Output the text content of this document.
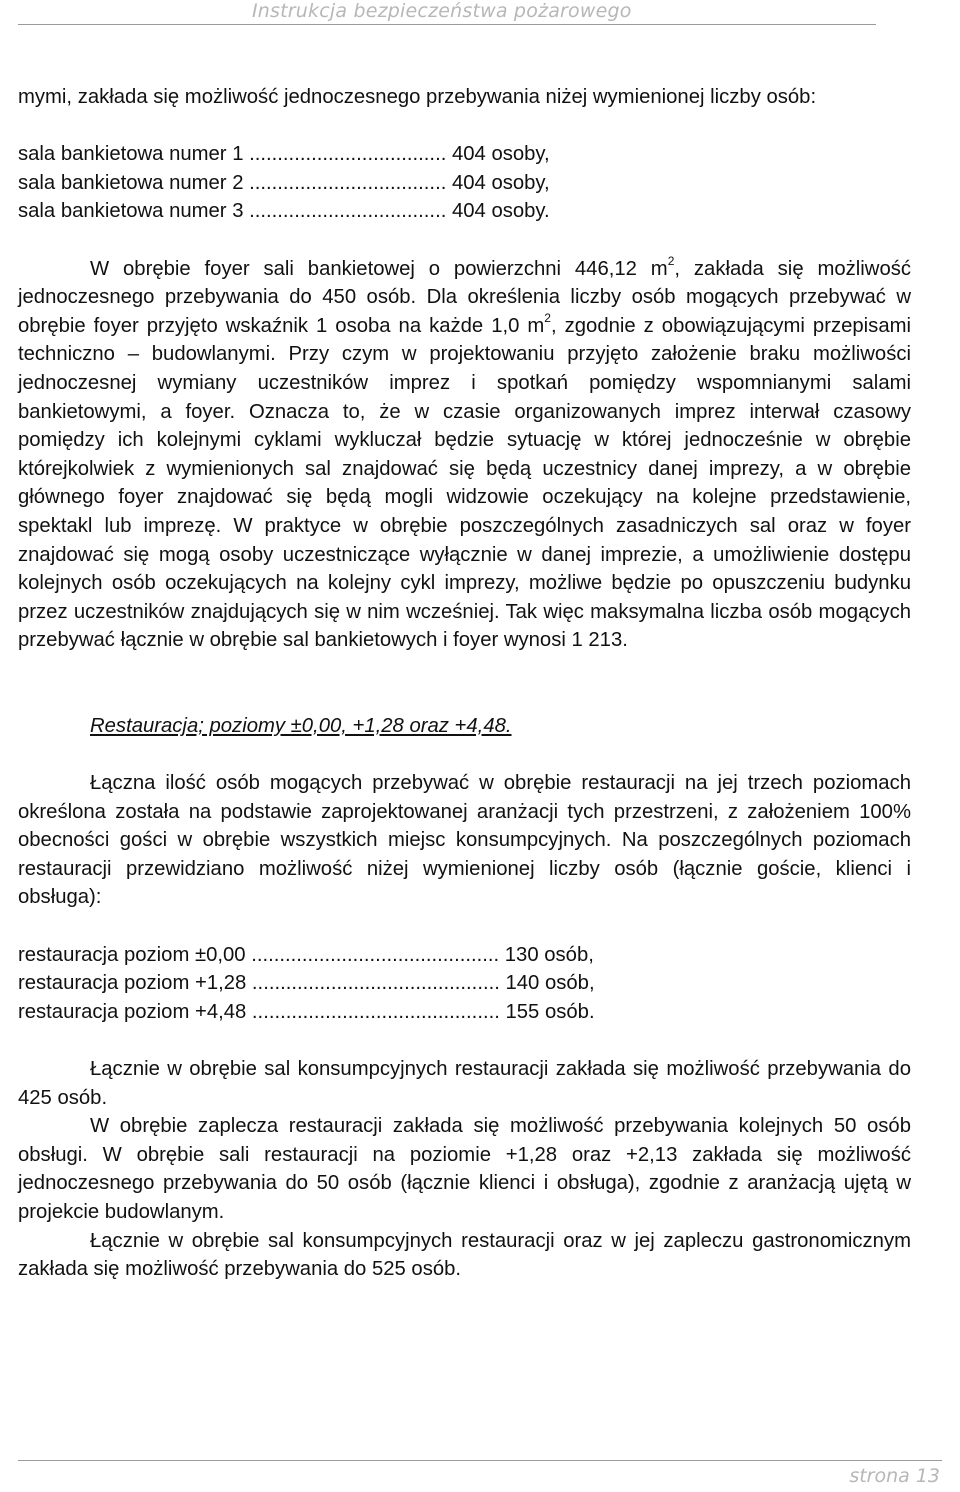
Instrukcja bezpieczeństwa pożarowego

mymi, zakłada się możliwość jednoczesnego przebywania niżej wymienionej liczby osób:

sala bankietowa numer 1 ................................... 404 osoby,
sala bankietowa numer 2 ................................... 404 osoby,
sala bankietowa numer 3 ................................... 404 osoby.

W obrębie foyer sali bankietowej o powierzchni 446,12 $m^2$, zakłada się możliwość jednoczesnego przebywania do 450 osób. Dla określenia liczby osób mogących przebywać w obrębie foyer przyjęto wskaźnik 1 osoba na każde 1,0 $m^2$, zgodnie z obowiązującymi przepisami techniczno – budowlanymi. Przy czym w projektowaniu przyjęto założenie braku możliwości jednoczesnej wymiany uczestników imprez i spotkań pomiędzy wspomnianymi salami bankietowymi, a foyer. Oznacza to, że w czasie organizowanych imprez interwał czasowy pomiędzy ich kolejnymi cyklami wykluczał będzie sytuację w której jednocześnie w obrębie którejkolwiek z wymienionych sal znajdować się będą uczestnicy danej imprezy, a w obrębie głównego foyer znajdować się będą mogli widzowie oczekujący na kolejne przedstawienie, spektakl lub imprezę. W praktyce w obrębie poszczególnych zasadniczych sal oraz w foyer znajdować się mogą osoby uczestniczące wyłącznie w danej imprezie, a umożliwienie dostępu kolejnych osób oczekujących na kolejny cykl imprezy, możliwe będzie po opuszczeniu budynku przez uczestników znajdujących się w nim wcześniej. Tak więc maksymalna liczba osób mogących przebywać łącznie w obrębie sal bankietowych i foyer wynosi 1 213.

Restauracja; poziomy ±0,00, +1,28 oraz +4,48.

Łączna ilość osób mogących przebywać w obrębie restauracji na jej trzech poziomach określona została na podstawie zaprojektowanej aranżacji tych przestrzeni, z założeniem 100% obecności gości w obrębie wszystkich miejsc konsumpcyjnych. Na poszczególnych poziomach restauracji przewidziano możliwość niżej wymienionej liczby osób (łącznie goście, klienci i obsługa):

restauracja poziom ±0,00 ............................................ 130 osób,
restauracja poziom +1,28 ............................................ 140 osób,
restauracja poziom +4,48 ............................................ 155 osób.

Łącznie w obrębie sal konsumpcyjnych restauracji zakłada się możliwość przebywania do 425 osób.

W obrębie zaplecza restauracji zakłada się możliwość przebywania kolejnych 50 osób obsługi. W obrębie sali restauracji na poziomie +1,28 oraz +2,13 zakłada się możliwość jednoczesnego przebywania do 50 osób (łącznie klienci i obsługa), zgodnie z aranżacją ujętą w projekcie budowlanym.

Łącznie w obrębie sal konsumpcyjnych restauracji oraz w jej zapleczu gastronomicznym zakłada się możliwość przebywania do 525 osób.

strona 13
